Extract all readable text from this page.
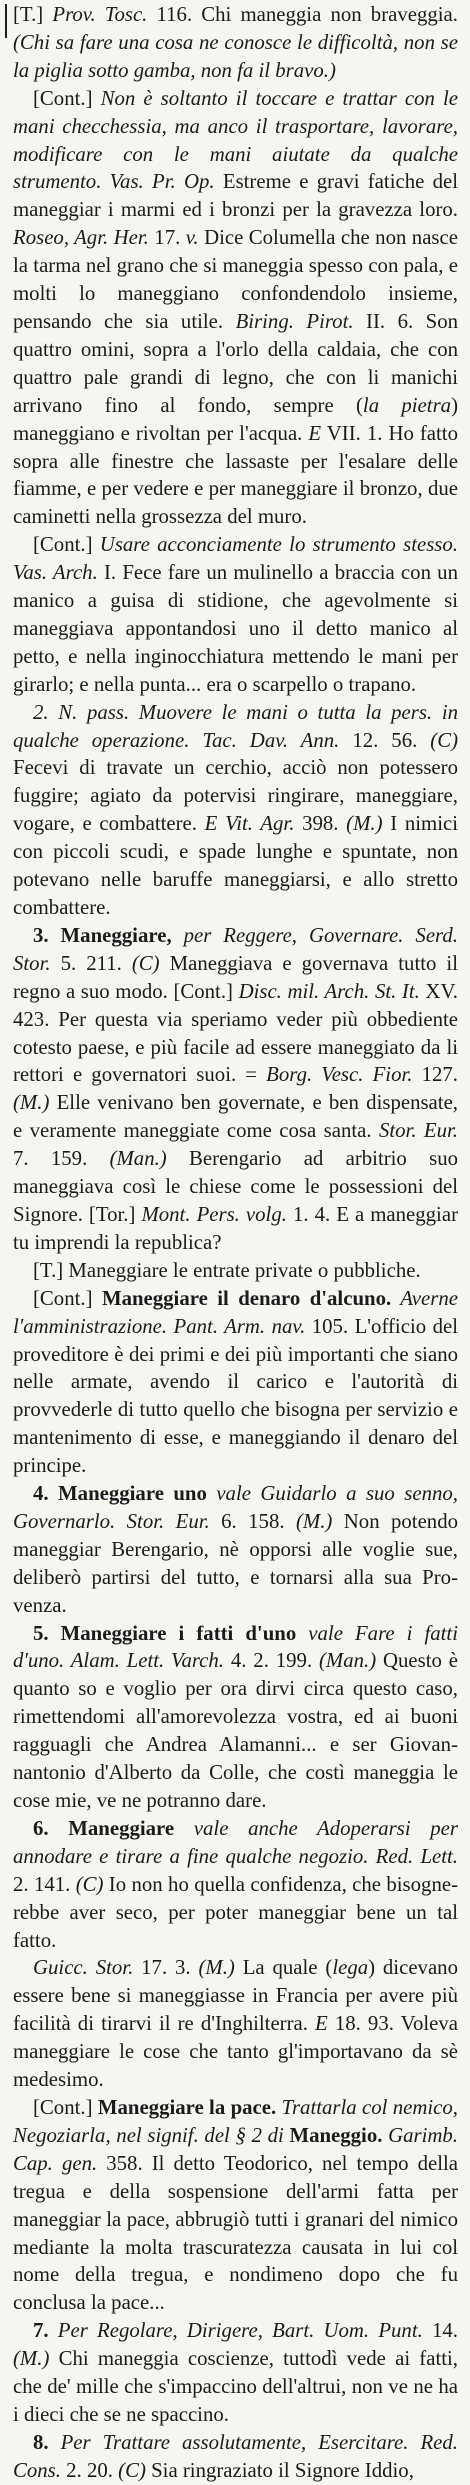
[T.] Prov. Tosc. 116. Chi maneggia non braveggia. (Chi sa fare una cosa ne conosce le difficoltà, non se la piglia sotto gamba, non fa il bravo.)

[Cont.] Non è soltanto il toccare e trattar con le mani checchessia, ma anco il trasportare, lavorare, modificare con le mani aiutate da qualche strumento. Vas. Pr. Op. Estreme e gravi fatiche del maneggiar i marmi ed i bronzi per la gravezza loro. Roseo, Agr. Her. 17. v. Dice Columella che non nasce la tarma nel grano che si maneggia spesso con pala, e molti lo maneggiano confondendolo insieme, pensando che sia utile. Biring. Pirot. II. 6. Son quattro omini, sopra a l'orlo della caldaia, che con quattro pale grandi di legno, che con li manichi arrivano fino al fondo, sempre (la pietra) maneggiano e rivoltan per l'acqua. E VII. 1. Ho fatto sopra alle finestre che lassaste per l'esalare delle fiamme, e per vedere e per maneggiare il bronzo, due caminetti nella grossezza del muro.

[Cont.] Usare acconciamente lo strumento stesso. Vas. Arch. I. Fece fare un mulinello a braccia con un manico a guisa di stidione, che agevolmente si maneggiava appontandosi uno il detto manico al petto, e nella inginocchiatura mettendo le mani per girarlo; e nella punta... era o scarpello o trapano.

2. N. pass. Muovere le mani o tutta la pers. in qualche operazione. Tac. Dav. Ann. 12. 56. (C) Fecevi di travate un cerchio, acciò non potessero fuggire; agiato da potervisi ringirare, maneggiare, vogare, e combattere. E Vit. Agr. 398. (M.) I nimici con piccoli scudi, e spade lunghe e spuntate, non potevano nelle baruffe maneggiarsi, e allo stretto combattere.

3. Maneggiare, per Reggere, Governare. Serd. Stor. 5. 211. (C) Maneggiava e governava tutto il regno a suo modo. [Cont.] Disc. mil. Arch. St. It. XV. 423. Per questa via speriamo veder più obbediente cotesto paese, e più facile ad essere maneggiato da li rettori e governatori suoi. = Borg. Vesc. Fior. 127. (M.) Elle venivano ben governate, e ben dispensate, e veramente maneggiate come cosa santa. Stor. Eur. 7. 159. (Man.) Berengario ad arbitrio suo maneggiava così le chiese come le possessioni del Signore. [Tor.] Mont. Pers. volg. 1. 4. E a maneggiar tu imprendi la republica?

[T.] Maneggiare le entrate private o pubbliche.

[Cont.] Maneggiare il denaro d'alcuno. Averne l'amministrazione. Pant. Arm. nav. 105. L'officio del proveditore è dei primi e dei più importanti che siano nelle armate, avendo il carico e l'autorità di provvederle di tutto quello che bisogna per servizio e mantenimento di esse, e maneggiando il denaro del principe.

4. Maneggiare uno vale Guidarlo a suo senno, Governarlo. Stor. Eur. 6. 158. (M.) Non potendo maneggiar Berengario, nè opporsi alle voglie sue, deliberò partirsi del tutto, e tornarsi alla sua Provenza.

5. Maneggiare i fatti d'uno vale Fare i fatti d'uno. Alam. Lett. Varch. 4. 2. 199. (Man.) Questo è quanto so e voglio per ora dirvi circa questo caso, rimettendomi all'amorevolezza vostra, ed ai buoni ragguagli che Andrea Alamanni... e ser Giovannantonio d'Alberto da Colle, che costì maneggia le cose mie, ve ne potranno dare.

6. Maneggiare vale anche Adoperarsi per annodare e tirare a fine qualche negozio. Red. Lett. 2. 141. (C) Io non ho quella confidenza, che bisognerebbe aver seco, per poter maneggiar bene un tal fatto.

Guicc. Stor. 17. 3. (M.) La quale (lega) dicevano essere bene si maneggiasse in Francia per avere più facilità di tirarvi il re d'Inghilterra. E 18. 93. Voleva maneggiare le cose che tanto gl'importavano da sè medesimo.

[Cont.] Maneggiare la pace. Trattarla col nemico, Negoziarla, nel signif. del § 2 di Maneggio. Garimb. Cap. gen. 358. Il detto Teodorico, nel tempo della tregua e della sospensione dell'armi fatta per maneggiar la pace, abbrugiò tutti i granari del nimico mediante la molta trascuratezza causata in lui col nome della tregua, e nondimeno dopo che fu conclusa la pace...

7. Per Regolare, Dirigere, Bart. Uom. Punt. 14. (M.) Chi maneggia coscienze, tuttodì vede ai fatti, che de' mille che s'impaccino dell'altrui, non ve ne ha i dieci che se ne spaccino.

8. Per Trattare assolutamente, Esercitare. Red. Cons. 2. 20. (C) Sia ringraziato il Signore Iddio,
